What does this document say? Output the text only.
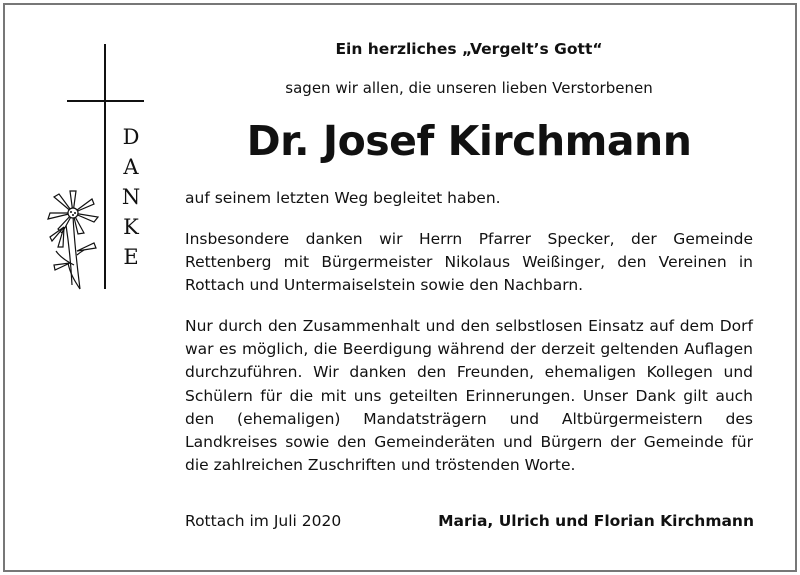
D
A
N
K
E
Ein herzliches „Vergelt’s Gott“
sagen wir allen, die unseren lieben Verstorbenen
Dr. Josef Kirchmann
auf seinem letzten Weg begleitet haben.
Insbesondere danken wir Herrn Pfarrer Specker, der Gemeinde Rettenberg mit Bürgermeister Nikolaus Weißinger, den Vereinen in Rottach und Untermaiselstein sowie den Nachbarn.
Nur durch den Zusammenhalt und den selbstlosen Einsatz auf dem Dorf war es möglich, die Beerdigung während der derzeit geltenden Auflagen durchzuführen. Wir danken den Freunden, ehemaligen Kollegen und Schülern für die mit uns geteilten Erinnerungen. Unser Dank gilt auch den (ehemaligen) Mandatsträgern und Altbürgermeistern des Landkreises sowie den Gemeinderäten und Bürgern der Gemeinde für die zahlreichen Zuschriften und tröstenden Worte.
Rottach im Juli 2020	Maria, Ulrich und Florian Kirchmann
